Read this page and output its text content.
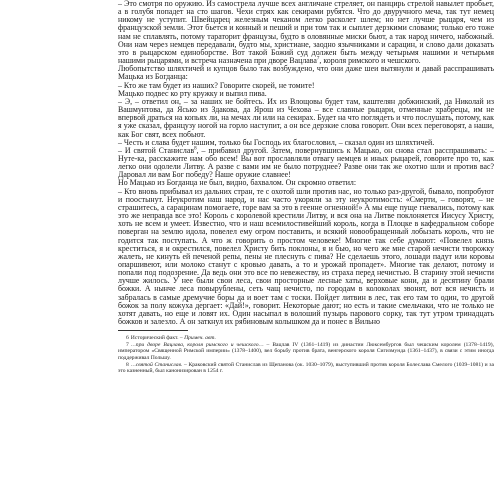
– Это смотря по оружию. Из самострела лучше всех англичане стреляет, он панцирь стрелой навылет пробьет, а в голубя попадет на сто шагов. Чехи стрях как секирами рубятся. Что до двуручного меча, так тут немец никому не уступит. Швейцарец железным чеканом легко расколет шлем; но нет лучше рыцаря, чем из французской земли. Этот бьется и конный и пеший и при том так и сыплет дерзкими словами; только его тоже нам не сплавлять, потому тараторит французы, будто в оловянные миски бьют, а так народ ничего, набожный. Они нам через немцев передавали, будто мы, христиане, заодно язычниками и сарацин, и слово дали доказать это в рыцарском единоборстве. Вот такой Божий суд должен быть между четырьмя нашими и четырьмя нашими рыцарями, и встреча назначена при дворе Вацлава$^7$, короля римского и чешского.

Любопытство шляхтичей и купцов было так возбуждено, что они даже шеи вытянули и давай расспрашивать Мацька из Богданца:

– Кто же там будет из наших? Говорите скорей, не томите!

Мацько подвес ко рту кружку и выпил пива.

– Э, – ответил он, – за наших не бойтесь. Их из Влощовы будет там, каштелян добжинский, да Николай из Вашмунтова, да Ясько из Здакова, да Ярош из Чехова – все славные рыцари, отменные храбрецы, им не впервой драться на копьях ли, на мечах ли или на секирах. Будет на что поглядеть и что послушать, потому, как я уже сказал, французу ногой на горло наступит, а он все дерзкие слова говорит. Они всех переговорят, а наши, как Бог свят, всех побьют.

– Честь и слава будет нашим, только бы Господь их благословил, – сказал один из шляхтичей.

– И святой Станислав$^8$, – прибавил другой. Затем, повернувшись к Мацько, он снова стал расспрашивать: – Нуте-ка, расскажите нам обо всем! Вы вот прославляли отвагу немцев и иных рыцарей, говорите про то, как легко они одолели Литву. А разве с вами им не было потруднее? Разве они так же охотно шли и против вас? Даровал ли вам Бог победу? Наше оружие славнее!

Но Мацько из Богданца не был, видно, бахвалом. Он скромно ответил:

– Кто вновь прибывал из дальних стран, те с охотой шли против нас, но только раз-другой, бывало, попробуют и поостынут. Неукротим наш народ, и нас часто укоряли за эту неукротимость: «Смерти, – говорят, – не страшитесь, а сарацинам помогаете, горе вам за это в геенне огненной!» А мы еще пуще гневались, потому как это же неправда все это! Король с королевой крестили Литву, и вся она на Литве поклоняется Иисусу Христу, хоть не всем и умеет. Известно, что и наш всемилостивейший король, когда в Плоцке в кафедральном соборе поверган на землю идола, повелел ему огром поставить, и всякий новообращенный лобызать король, что не годится так поступать. А что ж говорить о простом человеке! Многие так себе думают: «Повелел князь креститься, я и окрестился, повелел Христу бить поклоны, я и бью, но чего же мне старой нечисти творожку жалеть, не кинуть ей печеной репы, пены не плеснуть с пива? Не сделаешь этого, лошади падут или коровы опаршивеют, или молоко станут с кровью давать, а то и урожай пропадет». Многие так делают, потому и попали под подозрение. Да ведь они это все по невежеству, из страха перед нечистью. В старину этой нечисти лучше жилось. У нее были свои леса, свои просторные лесные хаты, верховые кони, да и десятину брали божки. А нынче леса повырублены, сеть чащ нечисто, по городам в колоколах звонят, вот вся нечисть и забралась в самые дремучие боры да и воет там с тоски. Пойдет литвин в лес, так его там то один, то другой божок за полу кожуха дергает: «Дай!», говорит. Некоторые дают; но есть и такие смельчаки, что не только не хотят давать, но еще и ловят их. Один насыпал в волоший пузырь парового сорку, так тут утром тринадцать божков и залезло. А он заткнул их рябиновым колышком да и понес в Вильно

6 Исторический факт. – Примеч. авт.

7 …при дворе Вацлава, короля римского и чешского… – Вацлав IV (1361–1419) из династии Люксембургов был чешским королем (1378–1419), императором «Священной Римской империи» (1378–1400), вел борьбу против брата, венгерского короля Сигизмунда (1361–1437), в связи с этим иногда поддерживал Польшу.

8 …святой Станислав. – Краковский святой Станислав из Щепанова (ок. 1030–1079), выступивший против короля Болеслава Смелого (1039–1081) и за это казненный, был канонизирован в 1254 г.
